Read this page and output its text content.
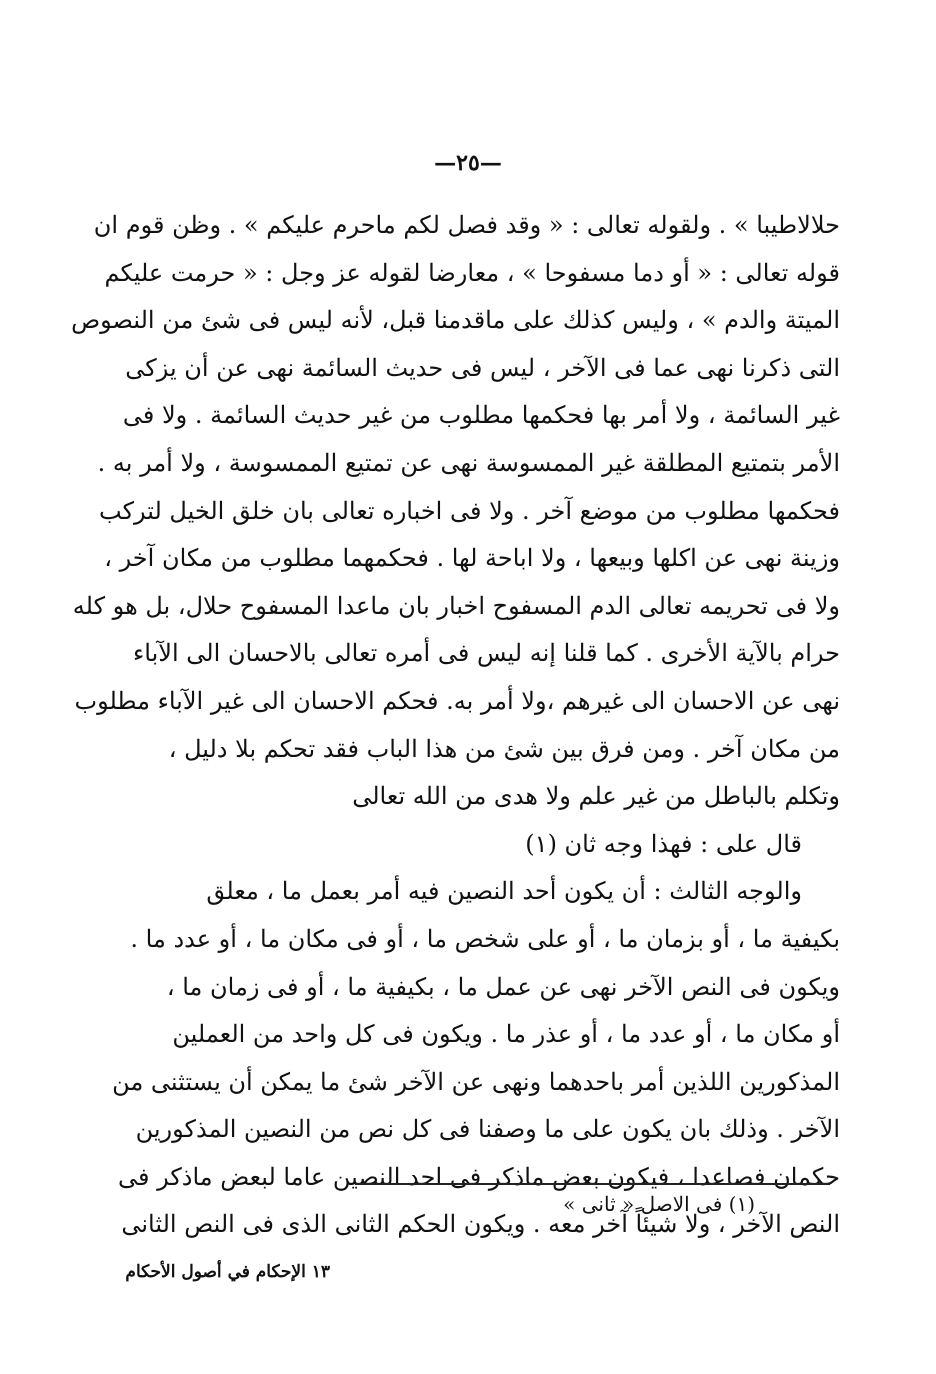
—٢٥—
حلالاطيبا » . ولقوله تعالى : « وقد فصل لكم ماحرم عليكم » . وظن قوم ان
قوله تعالى : « أو دما مسفوحا » ، معارضا لقوله عز وجل : « حرمت عليكم
الميتة والدم » ، وليس كذلك على ماقدمنا قبل، لأنه ليس فى شئ من النصوص
التى ذكرنا نهى عما فى الآخر ، ليس فى حديث السائمة نهى عن أن يزكى
غير السائمة ، ولا أمر بها فحكمها مطلوب من غير حديث السائمة . ولا فى
الأمر بتمتيع المطلقة غير الممسوسة نهى عن تمتيع الممسوسة ، ولا أمر به .
فحكمها مطلوب من موضع آخر . ولا فى اخباره تعالى بان خلق الخيل لتركب
وزينة نهى عن اكلها وبيعها ، ولا اباحة لها . فحكمهما مطلوب من مكان آخر ،
ولا فى تحريمه تعالى الدم المسفوح اخبار بان ماعدا المسفوح حلال، بل هو كله
حرام بالآية الأخرى . كما قلنا إنه ليس فى أمره تعالى بالاحسان الى الآباء
نهى عن الاحسان الى غيرهم ،ولا أمر به. فحكم الاحسان الى غير الآباء مطلوب
من مكان آخر . ومن فرق بين شئ من هذا الباب فقد تحكم بلا دليل ،
وتكلم بالباطل من غير علم ولا هدى من الله تعالى
قال على : فهذا وجه ثان (١)
والوجه الثالث : أن يكون أحد النصين فيه أمر بعمل ما ، معلق
بكيفية ما ، أو بزمان ما ، أو على شخص ما ، أو فى مكان ما ، أو عدد ما .
ويكون فى النص الآخر نهى عن عمل ما ، بكيفية ما ، أو فى زمان ما ،
أو مكان ما ، أو عدد ما ، أو عذر ما . ويكون فى كل واحد من العملين
المذكورين اللذين أمر باحدهما ونهى عن الآخر شئ ما يمكن أن يستثنى من
الآخر . وذلك بان يكون على ما وصفنا فى كل نص من النصين المذكورين
حكمان فصاعدا ، فيكون بعض ماذكر فى احد النصين عاما لبعض ماذكر فى
النص الآخر ، ولا شيئاً آخر معه . ويكون الحكم الثانى الذى فى النص الثانى
(١) فى الاصل « ثانى »
١٣ الإحكام في أصول الأحكام
